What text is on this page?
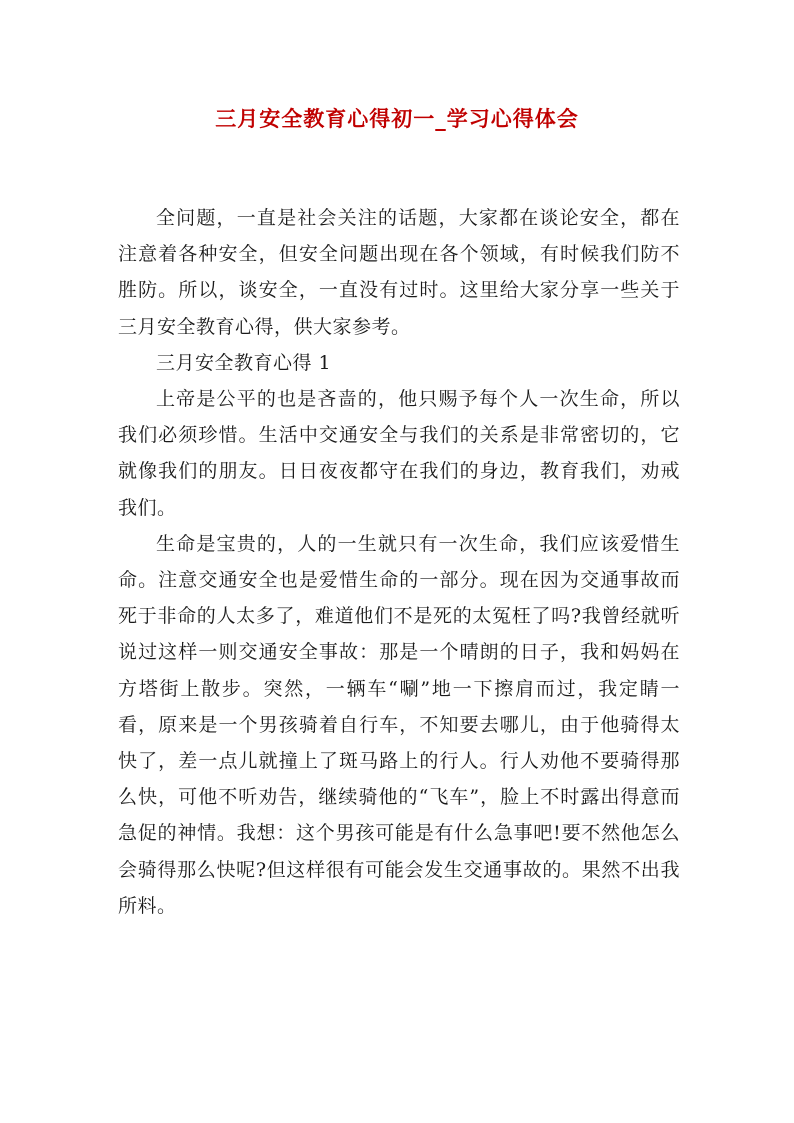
三月安全教育心得初一_学习心得体会

全问题，一直是社会关注的话题，大家都在谈论安全，都在注意着各种安全，但安全问题出现在各个领域，有时候我们防不胜防。所以，谈安全，一直没有过时。这里给大家分享一些关于三月安全教育心得，供大家参考。

三月安全教育心得 1

上帝是公平的也是吝啬的，他只赐予每个人一次生命，所以我们必须珍惜。生活中交通安全与我们的关系是非常密切的，它就像我们的朋友。日日夜夜都守在我们的身边，教育我们，劝戒我们。

生命是宝贵的，人的一生就只有一次生命，我们应该爱惜生命。注意交通安全也是爱惜生命的一部分。现在因为交通事故而死于非命的人太多了，难道他们不是死的太冤枉了吗?我曾经就听说过这样一则交通安全事故：那是一个晴朗的日子，我和妈妈在方塔街上散步。突然，一辆车“唰”地一下擦肩而过，我定睛一看，原来是一个男孩骑着自行车，不知要去哪儿，由于他骑得太快了，差一点儿就撞上了斑马路上的行人。行人劝他不要骑得那么快，可他不听劝告，继续骑他的“飞车”，脸上不时露出得意而急促的神情。我想：这个男孩可能是有什么急事吧!要不然他怎么会骑得那么快呢?但这样很有可能会发生交通事故的。果然不出我所料。
